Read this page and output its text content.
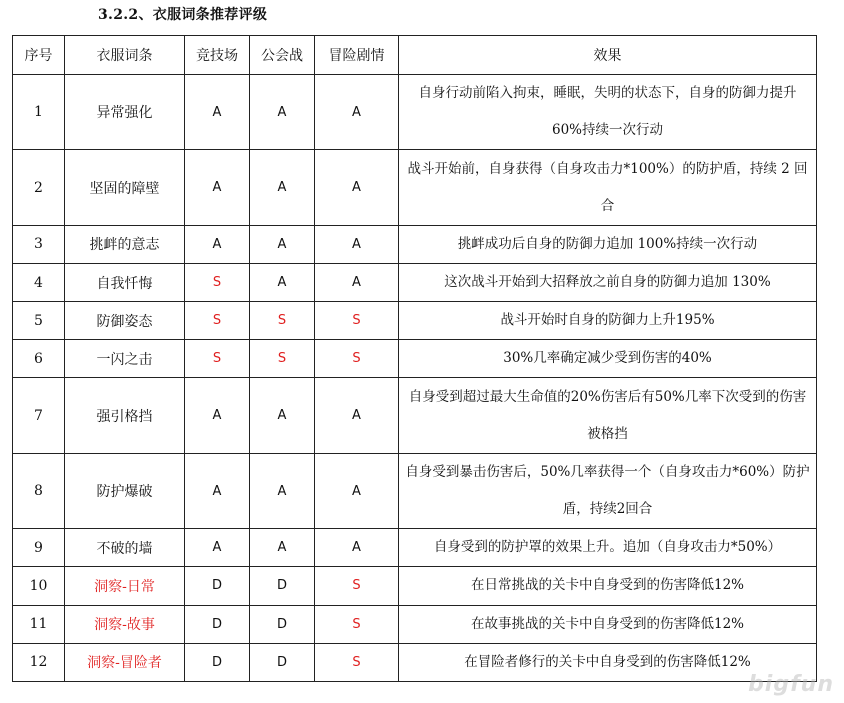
3.2.2、衣服词条推荐评级
序号	衣服词条	竞技场	公会战	冒险剧情	效果
1	异常强化	A	A	A	自身行动前陷入拘束，睡眠，失明的状态下，自身的防御力提升60%持续一次行动
2	坚固的障壁	A	A	A	战斗开始前，自身获得（自身攻击力*100%）的防护盾，持续 2 回合
3	挑衅的意志	A	A	A	挑衅成功后自身的防御力追加 100%持续一次行动
4	自我忏悔	S	A	A	这次战斗开始到大招释放之前自身的防御力追加 130%
5	防御姿态	S	S	S	战斗开始时自身的防御力上升195%
6	一闪之击	S	S	S	30%几率确定减少受到伤害的40%
7	强引格挡	A	A	A	自身受到超过最大生命值的20%伤害后有50%几率下次受到的伤害被格挡
8	防护爆破	A	A	A	自身受到暴击伤害后，50%几率获得一个（自身攻击力*60%）防护盾，持续2回合
9	不破的墙	A	A	A	自身受到的防护罩的效果上升。追加（自身攻击力*50%）
10	洞察-日常	D	D	S	在日常挑战的关卡中自身受到的伤害降低12%
11	洞察-故事	D	D	S	在故事挑战的关卡中自身受到的伤害降低12%
12	洞察-冒险者	D	D	S	在冒险者修行的关卡中自身受到的伤害降低12%
bigfun
